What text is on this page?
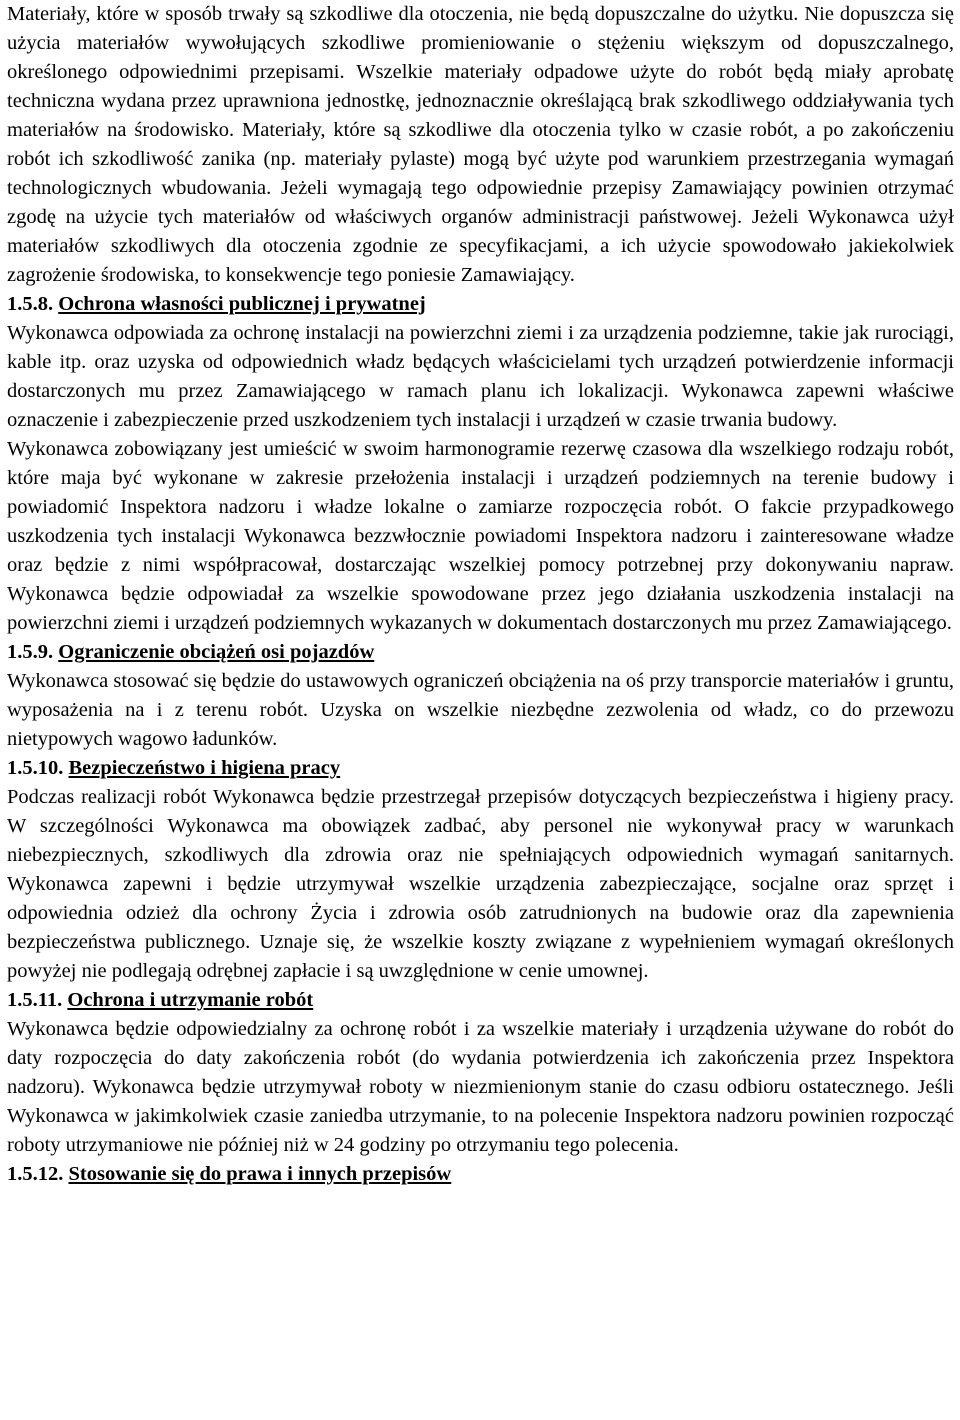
Materiały, które w sposób trwały są szkodliwe dla otoczenia, nie będą dopuszczalne do użytku. Nie dopuszcza się użycia materiałów wywołujących szkodliwe promieniowanie o stężeniu większym od dopuszczalnego, określonego odpowiednimi przepisami. Wszelkie materiały odpadowe użyte do robót będą miały aprobatę techniczna wydana przez uprawniona jednostkę, jednoznacznie określającą brak szkodliwego oddziaływania tych materiałów na środowisko. Materiały, które są szkodliwe dla otoczenia tylko w czasie robót, a po zakończeniu robót ich szkodliwość zanika (np. materiały pylaste) mogą być użyte pod warunkiem przestrzegania wymagań technologicznych wbudowania. Jeżeli wymagają tego odpowiednie przepisy Zamawiający powinien otrzymać zgodę na użycie tych materiałów od właściwych organów administracji państwowej. Jeżeli Wykonawca użył materiałów szkodliwych dla otoczenia zgodnie ze specyfikacjami, a ich użycie spowodowało jakiekolwiek zagrożenie środowiska, to konsekwencje tego poniesie Zamawiający.

1.5.8. Ochrona własności publicznej i prywatnej

Wykonawca odpowiada za ochronę instalacji na powierzchni ziemi i za urządzenia podziemne, takie jak rurociągi, kable itp. oraz uzyska od odpowiednich władz będących właścicielami tych urządzeń potwierdzenie informacji dostarczonych mu przez Zamawiającego w ramach planu ich lokalizacji. Wykonawca zapewni właściwe oznaczenie i zabezpieczenie przed uszkodzeniem tych instalacji i urządzeń w czasie trwania budowy.

Wykonawca zobowiązany jest umieścić w swoim harmonogramie rezerwę czasowa dla wszelkiego rodzaju robót, które maja być wykonane w zakresie przełożenia instalacji i urządzeń podziemnych na terenie budowy i powiadomić Inspektora nadzoru i władze lokalne o zamiarze rozpoczęcia robót. O fakcie przypadkowego uszkodzenia tych instalacji Wykonawca bezzwłocznie powiadomi Inspektora nadzoru i zainteresowane władze oraz będzie z nimi współpracował, dostarczając wszelkiej pomocy potrzebnej przy dokonywaniu napraw. Wykonawca będzie odpowiadał za wszelkie spowodowane przez jego działania uszkodzenia instalacji na powierzchni ziemi i urządzeń podziemnych wykazanych w dokumentach dostarczonych mu przez Zamawiającego.

1.5.9. Ograniczenie obciążeń osi pojazdów

Wykonawca stosować się będzie do ustawowych ograniczeń obciążenia na oś przy transporcie materiałów i gruntu, wyposażenia na i z terenu robót. Uzyska on wszelkie niezbędne zezwolenia od władz, co do przewozu nietypowych wagowo ładunków.

1.5.10. Bezpieczeństwo i higiena pracy

Podczas realizacji robót Wykonawca będzie przestrzegał przepisów dotyczących bezpieczeństwa i higieny pracy. W szczególności Wykonawca ma obowiązek zadbać, aby personel nie wykonywał pracy w warunkach niebezpiecznych, szkodliwych dla zdrowia oraz nie spełniających odpowiednich wymagań sanitarnych. Wykonawca zapewni i będzie utrzymywał wszelkie urządzenia zabezpieczające, socjalne oraz sprzęt i odpowiednia odzież dla ochrony Życia i zdrowia osób zatrudnionych na budowie oraz dla zapewnienia bezpieczeństwa publicznego. Uznaje się, że wszelkie koszty związane z wypełnieniem wymagań określonych powyżej nie podlegają odrębnej zapłacie i są uwzględnione w cenie umownej.

1.5.11. Ochrona i utrzymanie robót

Wykonawca będzie odpowiedzialny za ochronę robót i za wszelkie materiały i urządzenia używane do robót do daty rozpoczęcia do daty zakończenia robót (do wydania potwierdzenia ich zakończenia przez Inspektora nadzoru). Wykonawca będzie utrzymywał roboty w niezmienionym stanie do czasu odbioru ostatecznego. Jeśli Wykonawca w jakimkolwiek czasie zaniedba utrzymanie, to na polecenie Inspektora nadzoru powinien rozpocząć roboty utrzymaniowe nie później niż w 24 godziny po otrzymaniu tego polecenia.

1.5.12. Stosowanie się do prawa i innych przepisów
